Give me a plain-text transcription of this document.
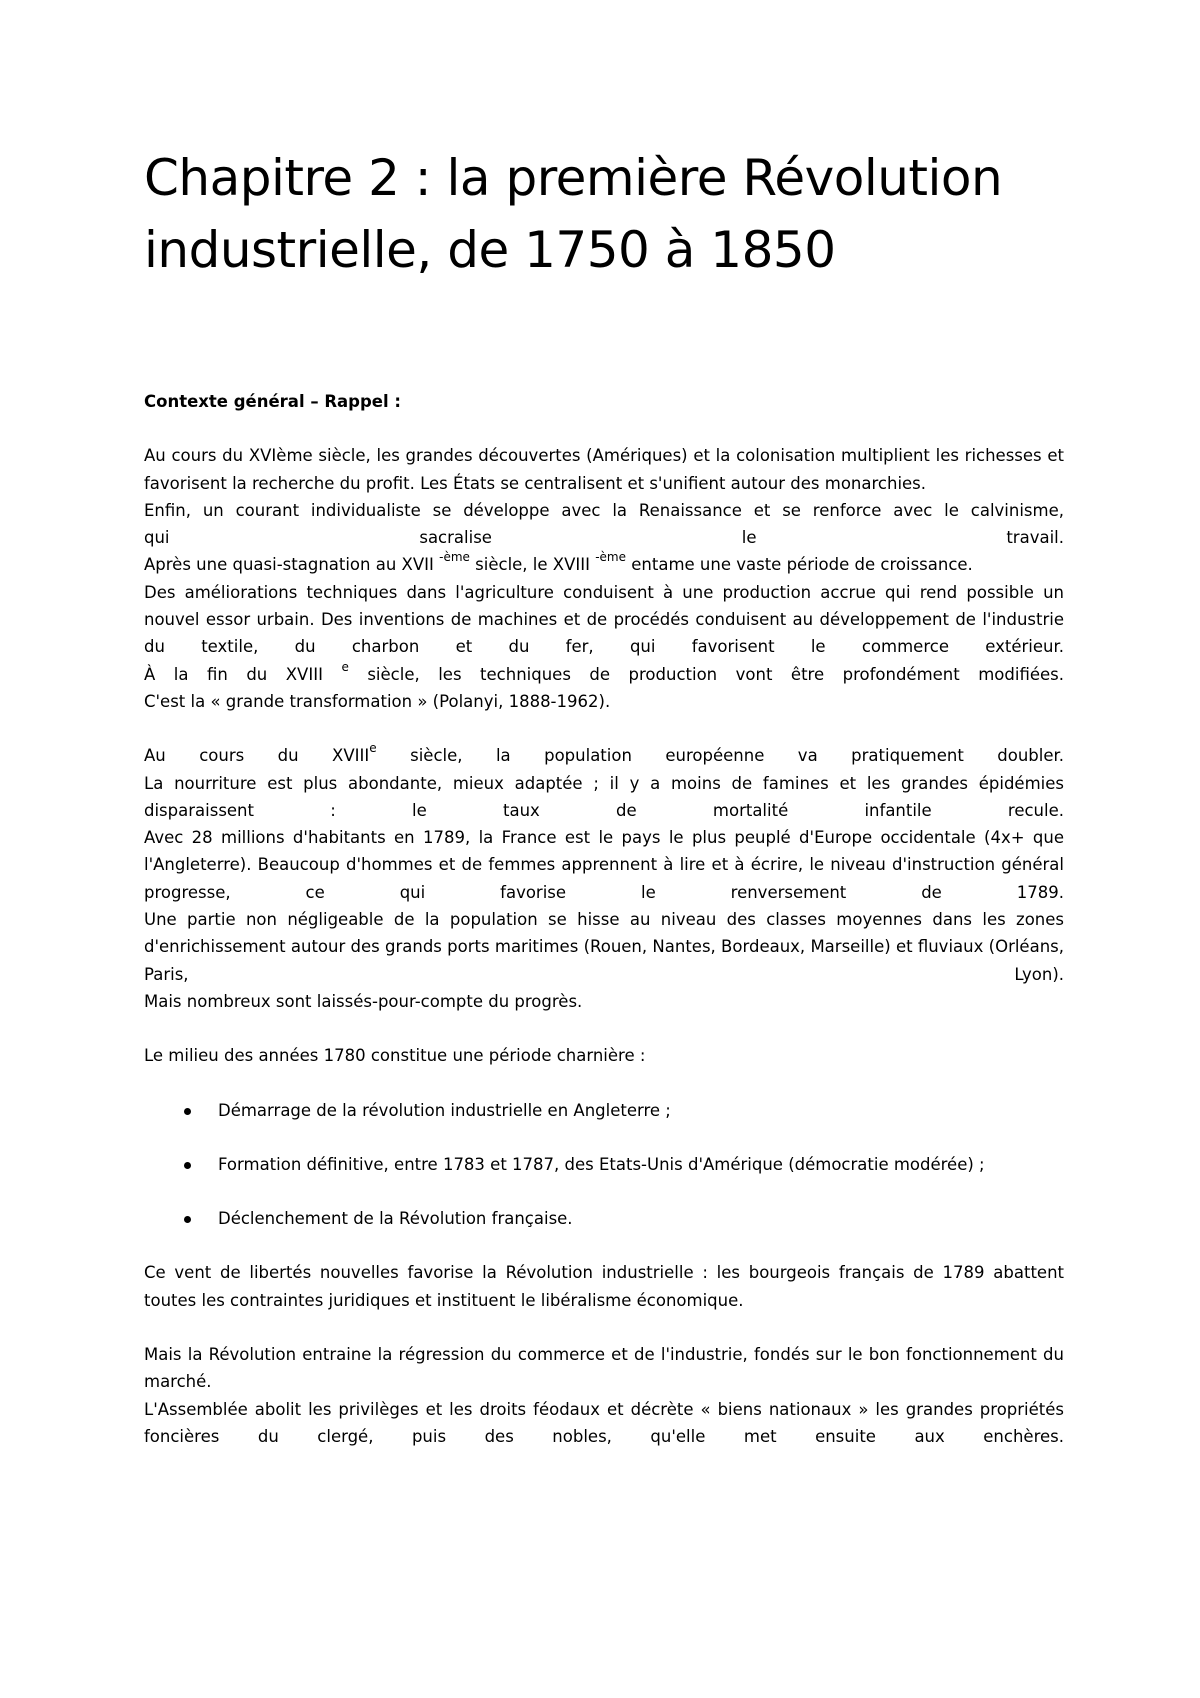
Chapitre 2 : la première Révolution industrielle, de 1750 à 1850

Contexte général – Rappel :

Au cours du XVIème siècle, les grandes découvertes (Amériques) et la colonisation multiplient les richesses et favorisent la recherche du profit. Les États se centralisent et s'unifient autour des monarchies.

Enfin, un courant individualiste se développe avec la Renaissance et se renforce avec le calvinisme,

qui sacralise le travail.

Après une quasi-stagnation au XVII $^{-ème}$ siècle, le XVIII $^{-ème}$ entame une vaste période de croissance.

Des améliorations techniques dans l'agriculture conduisent à une production accrue qui rend possible un nouvel essor urbain. Des inventions de machines et de procédés conduisent au développement de l'industrie du textile, du charbon et du fer, qui favorisent le commerce extérieur.

À la fin du XVIII $^e$ siècle, les techniques de production vont être profondément modifiées.

C'est la « grande transformation » (Polanyi, 1888-1962).

Au cours du XVIIIe siècle, la population européenne va pratiquement doubler.

La nourriture est plus abondante, mieux adaptée ; il y a moins de famines et les grandes épidémies disparaissent : le taux de mortalité infantile recule.

Avec 28 millions d'habitants en 1789, la France est le pays le plus peuplé d'Europe occidentale (4x+ que l'Angleterre). Beaucoup d'hommes et de femmes apprennent à lire et à écrire, le niveau d'instruction général progresse, ce qui favorise le renversement de 1789.

Une partie non négligeable de la population se hisse au niveau des classes moyennes dans les zones d'enrichissement autour des grands ports maritimes (Rouen, Nantes, Bordeaux, Marseille) et fluviaux (Orléans, Paris, Lyon).

Mais nombreux sont laissés-pour-compte du progrès.

Le milieu des années 1780 constitue une période charnière :

Démarrage de la révolution industrielle en Angleterre ;
Formation définitive, entre 1783 et 1787, des Etats-Unis d'Amérique (démocratie modérée) ;
Déclenchement de la Révolution française.

Ce vent de libertés nouvelles favorise la Révolution industrielle : les bourgeois français de 1789 abattent toutes les contraintes juridiques et instituent le libéralisme économique.

Mais la Révolution entraine la régression du commerce et de l'industrie, fondés sur le bon fonctionnement du marché.

L'Assemblée abolit les privilèges et les droits féodaux et décrète « biens nationaux » les grandes propriétés foncières du clergé, puis des nobles, qu'elle met ensuite aux enchères.
